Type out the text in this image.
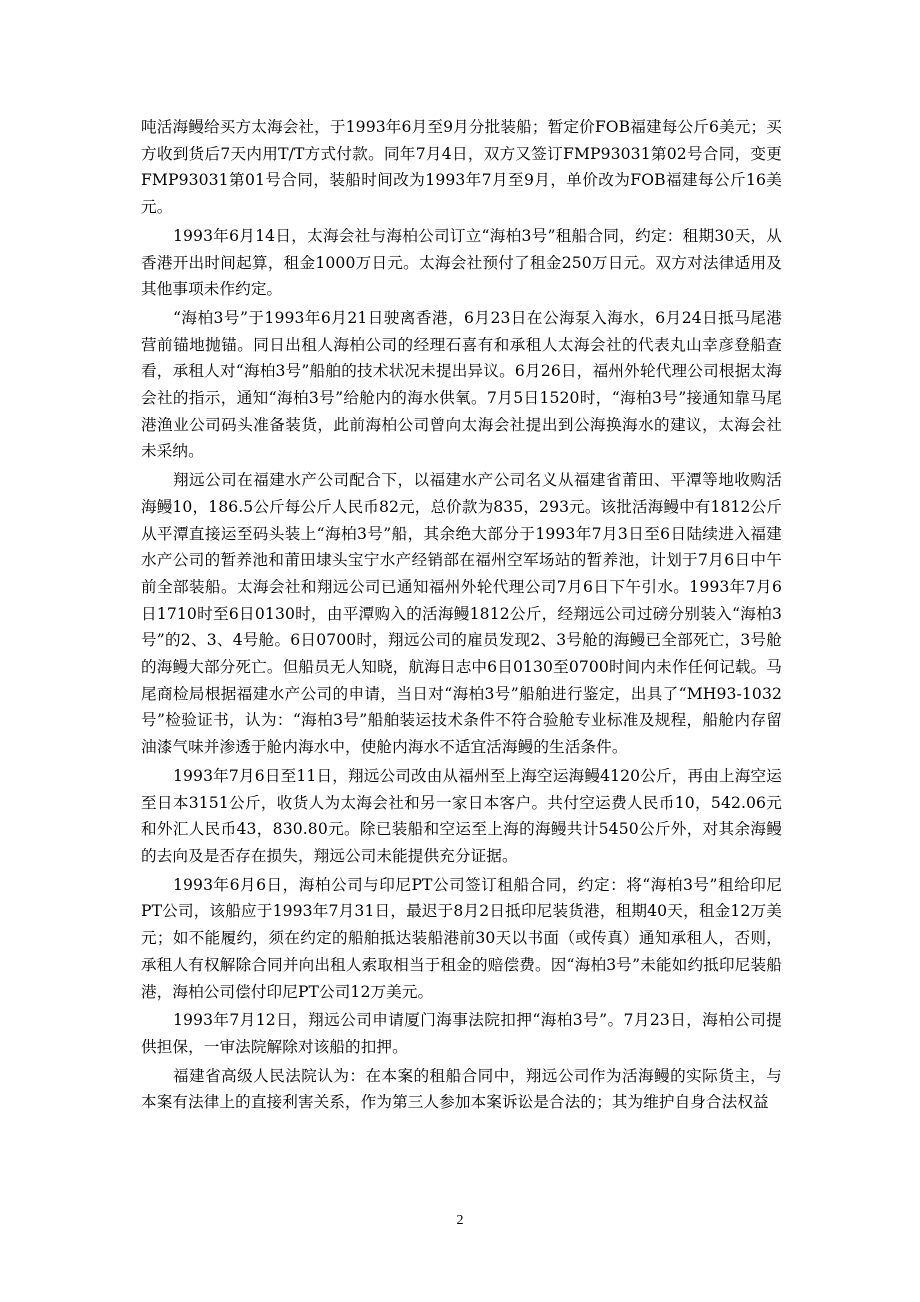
吨活海鳗给买方太海会社，于1993年6月至9月分批装船；暂定价FOB福建每公斤6美元；买方收到货后7天内用T/T方式付款。同年7月4日，双方又签订FMP93031第02号合同，变更FMP93031第01号合同，装船时间改为1993年7月至9月，单价改为FOB福建每公斤16美元。

1993年6月14日，太海会社与海柏公司订立“海柏3号”租船合同，约定：租期30天，从香港开出时间起算，租金1000万日元。太海会社预付了租金250万日元。双方对法律适用及其他事项未作约定。

“海柏3号”于1993年6月21日驶离香港，6月23日在公海泵入海水，6月24日抵马尾港营前锚地抛锚。同日出租人海柏公司的经理石喜有和承租人太海会社的代表丸山幸彦登船查看，承租人对“海柏3号”船舶的技术状况未提出异议。6月26日，福州外轮代理公司根据太海会社的指示，通知“海柏3号”给舱内的海水供氧。7月5日1520时，“海柏3号”接通知靠马尾港渔业公司码头准备装货，此前海柏公司曾向太海会社提出到公海换海水的建议，太海会社未采纳。

翔远公司在福建水产公司配合下，以福建水产公司名义从福建省莆田、平潭等地收购活海鳗10，186.5公斤每公斤人民币82元，总价款为835，293元。该批活海鳗中有1812公斤从平潭直接运至码头装上“海柏3号”船，其余绝大部分于1993年7月3日至6日陆续进入福建水产公司的暂养池和莆田埭头宝宁水产经销部在福州空军场站的暂养池，计划于7月6日中午前全部装船。太海会社和翔远公司已通知福州外轮代理公司7月6日下午引水。1993年7月6日1710时至6日0130时，由平潭购入的活海鳗1812公斤，经翔远公司过磅分别装入“海柏3号”的2、3、4号舱。6日0700时，翔远公司的雇员发现2、3号舱的海鳗已全部死亡，3号舱的海鳗大部分死亡。但船员无人知晓，航海日志中6日0130至0700时间内未作任何记载。马尾商检局根据福建水产公司的申请，当日对“海柏3号”船舶进行鉴定，出具了“MH93-1032号”检验证书，认为：“海柏3号”船舶装运技术条件不符合验舱专业标准及规程，船舱内存留油漆气味并渗透于舱内海水中，使舱内海水不适宜活海鳗的生活条件。

1993年7月6日至11日，翔远公司改由从福州至上海空运海鳗4120公斤，再由上海空运至日本3151公斤，收货人为太海会社和另一家日本客户。共付空运费人民币10，542.06元和外汇人民币43，830.80元。除已装船和空运至上海的海鳗共计5450公斤外，对其余海鳗的去向及是否存在损失，翔远公司未能提供充分证据。

1993年6月6日，海柏公司与印尼PT公司签订租船合同，约定：将“海柏3号”租给印尼PT公司，该船应于1993年7月31日，最迟于8月2日抵印尼装货港，租期40天，租金12万美元；如不能履约，须在约定的船舶抵达装船港前30天以书面（或传真）通知承租人，否则，承租人有权解除合同并向出租人索取相当于租金的赔偿费。因“海柏3号”未能如约抵印尼装船港，海柏公司偿付印尼PT公司12万美元。

1993年7月12日，翔远公司申请厦门海事法院扣押“海柏3号”。7月23日，海柏公司提供担保，一审法院解除对该船的扣押。

福建省高级人民法院认为：在本案的租船合同中，翔远公司作为活海鳗的实际货主，与本案有法律上的直接利害关系，作为第三人参加本案诉讼是合法的；其为维护自身合法权益

2
